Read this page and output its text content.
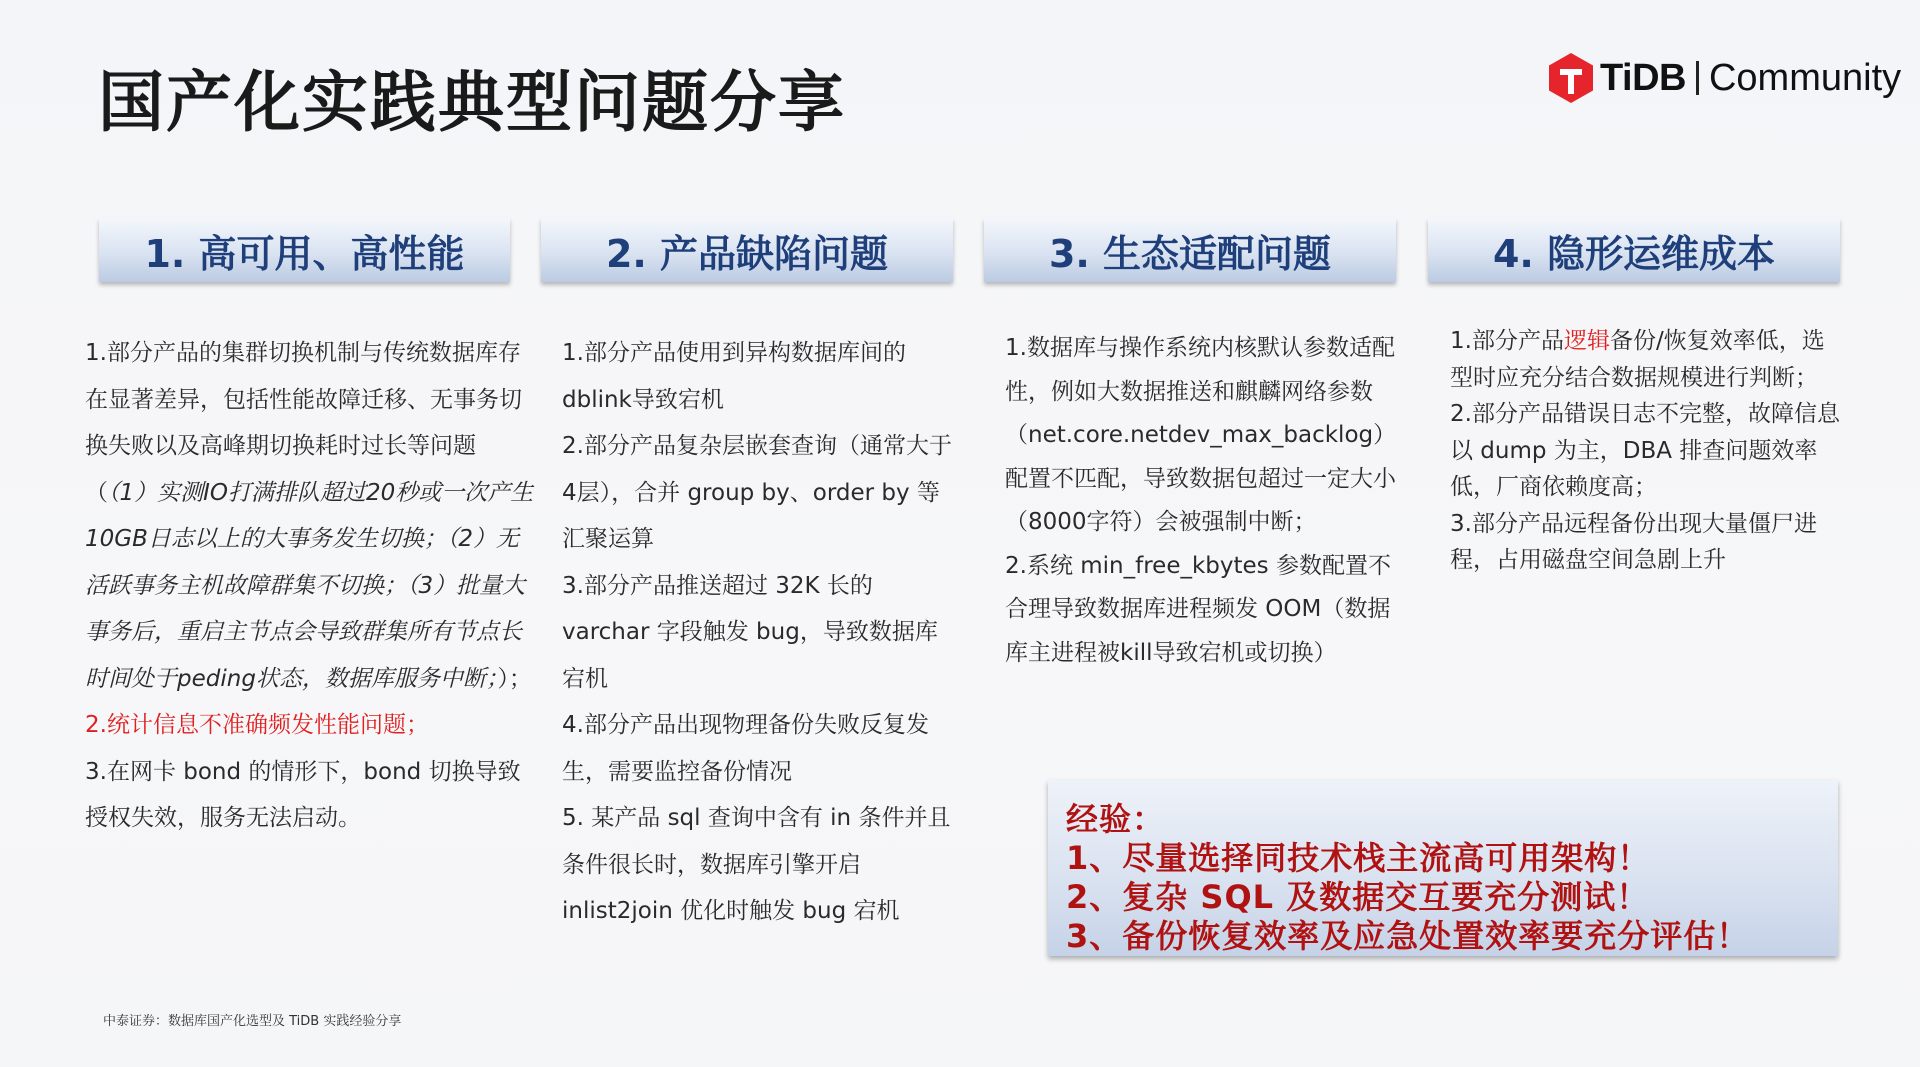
国产化实践典型问题分享	TiDB Community
1. 高可用、高性能	2. 产品缺陷问题	3. 生态适配问题	4. 隐形运维成本

1.部分产品的集群切换机制与传统数据库存在显著差异，包括性能故障迁移、无事务切换失败以及高峰期切换耗时过长等问题（（1）实测IO打满排队超过20秒或一次产生10GB日志以上的大事务发生切换；（2）无活跃事务主机故障群集不切换；（3）批量大事务后，重启主节点会导致群集所有节点长时间处于peding状态，数据库服务中断；）；

2.统计信息不准确频发性能问题；

3.在网卡 bond 的情形下，bond 切换导致授权失效，服务无法启动。

1.部分产品使用到异构数据库间的dblink导致宕机

2.部分产品复杂层嵌套查询（通常大于4层），合并 group by、order by 等汇聚运算

3.部分产品推送超过 32K 长的varchar 字段触发 bug，导致数据库宕机

4.部分产品出现物理备份失败反复发生，需要监控备份情况

5. 某产品 sql 查询中含有 in 条件并且条件很长时，数据库引擎开启inlist2join 优化时触发 bug 宕机

1.数据库与操作系统内核默认参数适配性，例如大数据推送和麒麟网络参数（net.core.netdev_max_backlog）配置不匹配，导致数据包超过一定大小（8000字符）会被强制中断；

2.系统 min_free_kbytes 参数配置不合理导致数据库进程频发 OOM（数据库主进程被kill导致宕机或切换）

1.部分产品逻辑备份/恢复效率低，选型时应充分结合数据规模进行判断；

2.部分产品错误日志不完整，故障信息以 dump 为主，DBA 排查问题效率低，厂商依赖度高；

3.部分产品远程备份出现大量僵尸进程，占用磁盘空间急剧上升

经验：
1、尽量选择同技术栈主流高可用架构！
2、复杂 SQL 及数据交互要充分测试！
3、备份恢复效率及应急处置效率要充分评估！
中泰证券：数据库国产化选型及 TiDB 实践经验分享
